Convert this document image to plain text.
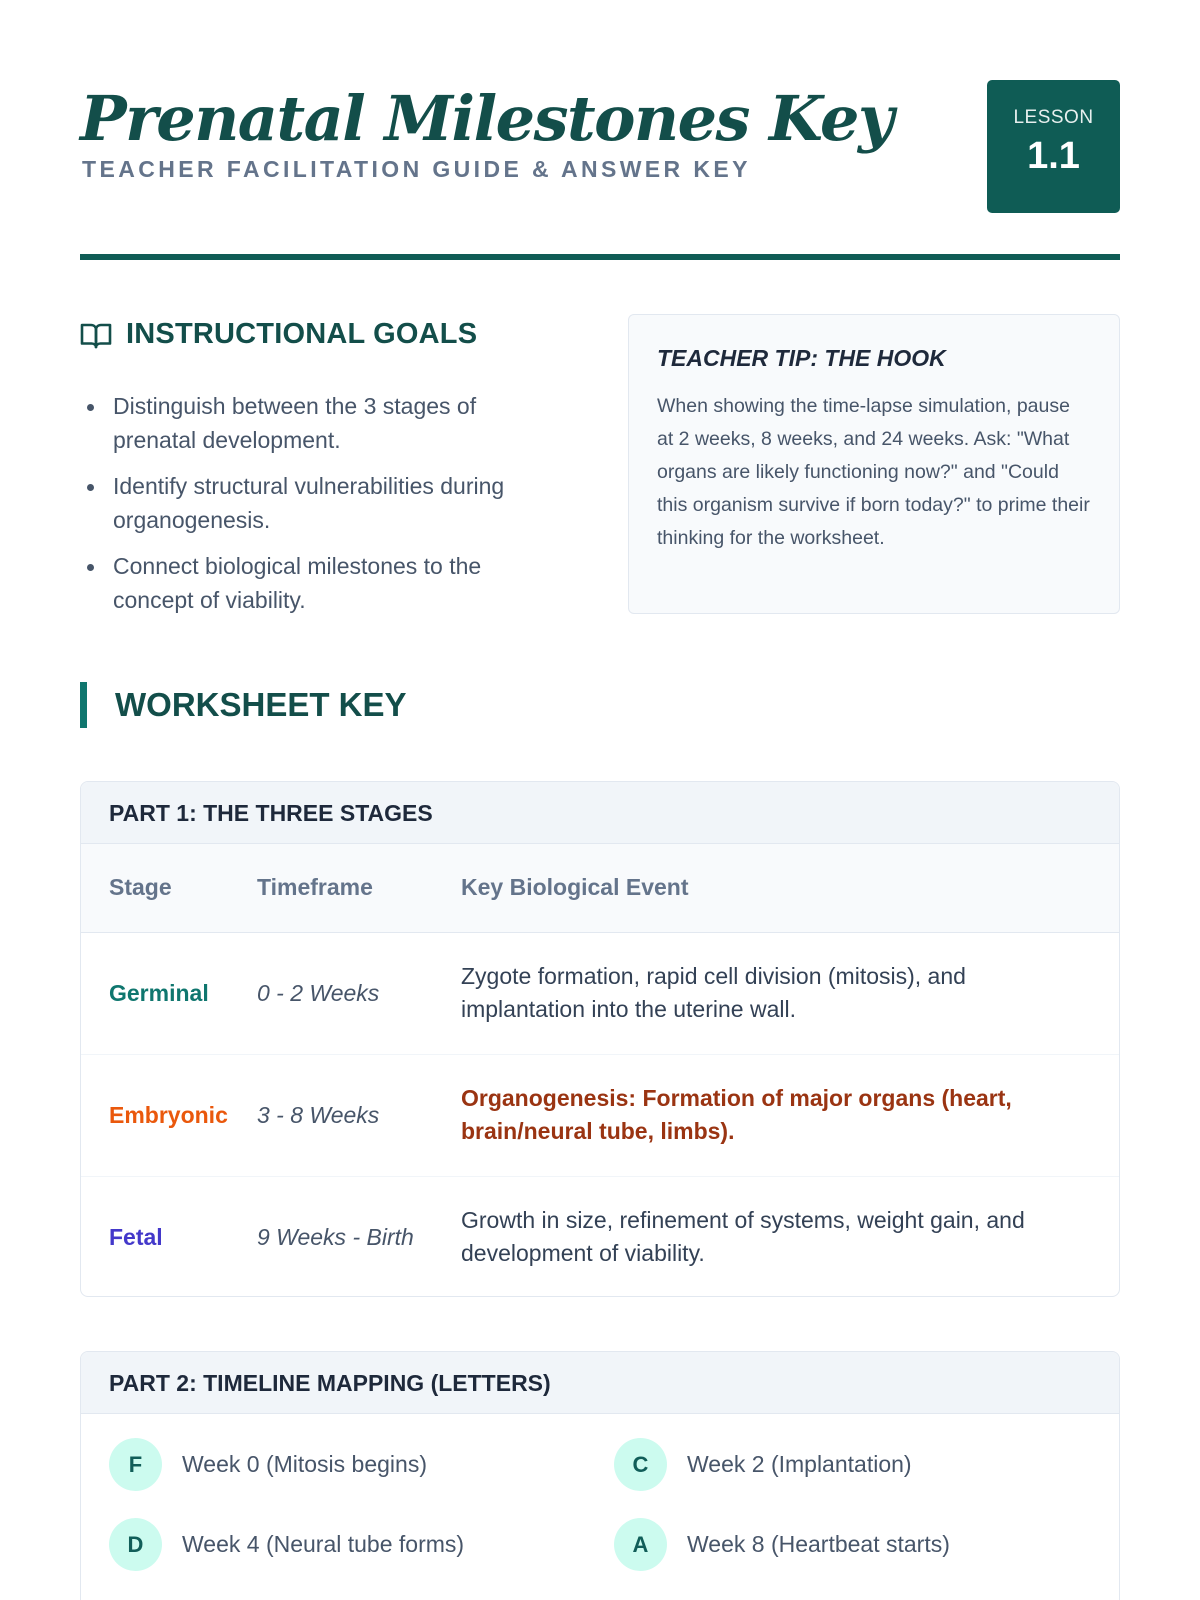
Prenatal Milestones Key
TEACHER FACILITATION GUIDE & ANSWER KEY
LESSON
1.1
INSTRUCTIONAL GOALS
Distinguish between the 3 stages of prenatal development.
Identify structural vulnerabilities during organogenesis.
Connect biological milestones to the concept of viability.
TEACHER TIP: THE HOOK

When showing the time-lapse simulation, pause at 2 weeks, 8 weeks, and 24 weeks. Ask: "What organs are likely functioning now?" and "Could this organism survive if born today?" to prime their thinking for the worksheet.

WORKSHEET KEY
PART 1: THE THREE STAGES
Stage	Timeframe	Key Biological Event
Germinal	0 - 2 Weeks	Zygote formation, rapid cell division (mitosis), and implantation into the uterine wall.
Embryonic	3 - 8 Weeks	Organogenesis: Formation of major organs (heart, brain/neural tube, limbs).
Fetal	9 Weeks - Birth	Growth in size, refinement of systems, weight gain, and development of viability.
PART 2: TIMELINE MAPPING (LETTERS)
F	Week 0 (Mitosis begins)	C	Week 2 (Implantation)
D	Week 4 (Neural tube forms)	A	Week 8 (Heartbeat starts)
